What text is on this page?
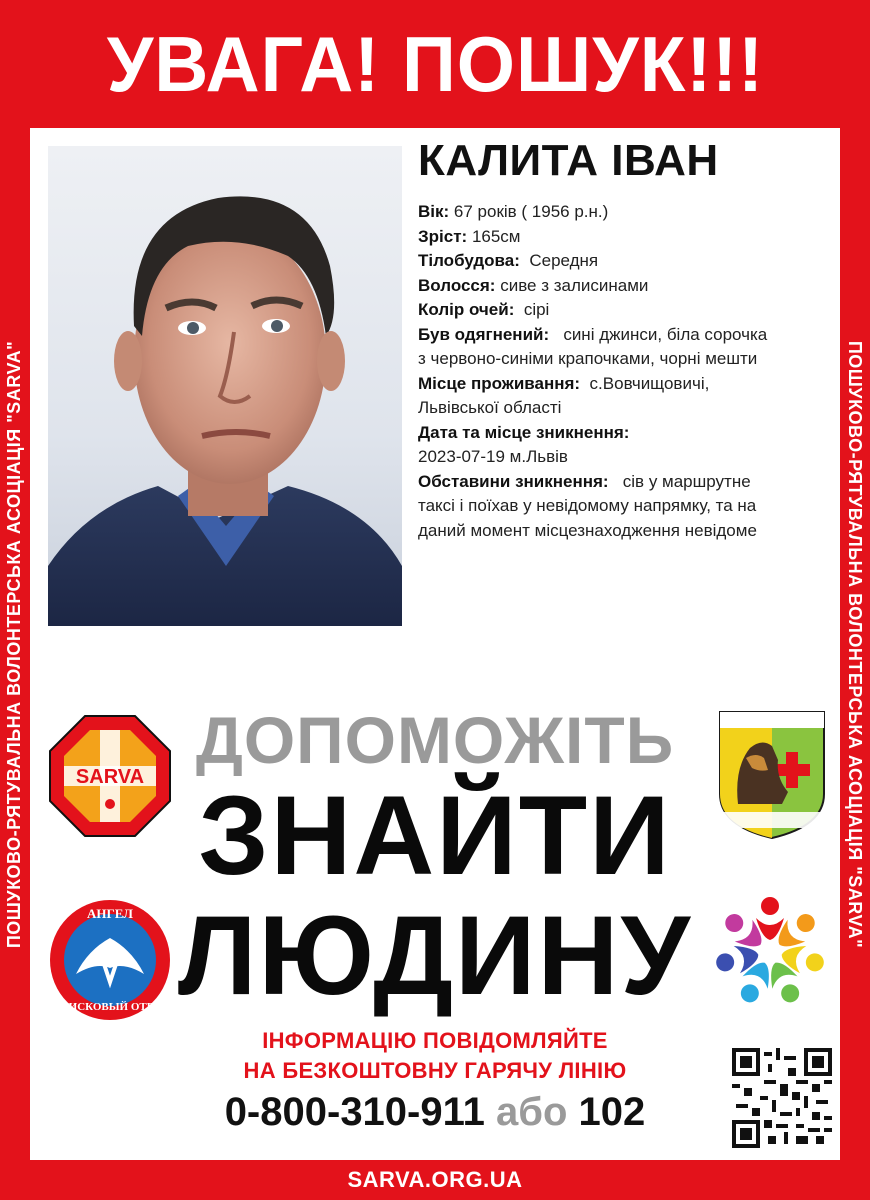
УВАГА! ПОШУК!!!
ПОШУКОВО-РЯТУВАЛЬНА ВОЛОНТЕРСЬКА АСОЦІАЦІЯ "SARVA"	ПОШУКОВО-РЯТУВАЛЬНА ВОЛОНТЕРСЬКА АСОЦІАЦІЯ "SARVA"
КАЛИТА ІВАН
Вік: 67 років ( 1956 р.н.)
Зріст: 165см
Тілобудова: Середня
Волосся: сиве з залисинами
Колір очей: сірі
Був одягнений: сині джинси, біла сорочка
з червоно-синіми крапочками, чорні мешти
Місце проживання: с.Вовчищовичі,
Львівської області
Дата та місце зникнення:
2023-07-19 м.Львів
Обставини зникнення: сів у маршрутне
таксі і поїхав у невідомому напрямку, та на
даний момент місцезнаходження невідоме
SARVA
АНГЕЛ
ПОИСКОВЫЙ ОТРЯД
ДОПОМОЖІТЬ
ЗНАЙТИ
ЛЮДИНУ
ІНФОРМАЦІЮ ПОВІДОМЛЯЙТЕ
НА БЕЗКОШТОВНУ ГАРЯЧУ ЛІНІЮ
0-800-310-911 або 102
SARVA.ORG.UA
